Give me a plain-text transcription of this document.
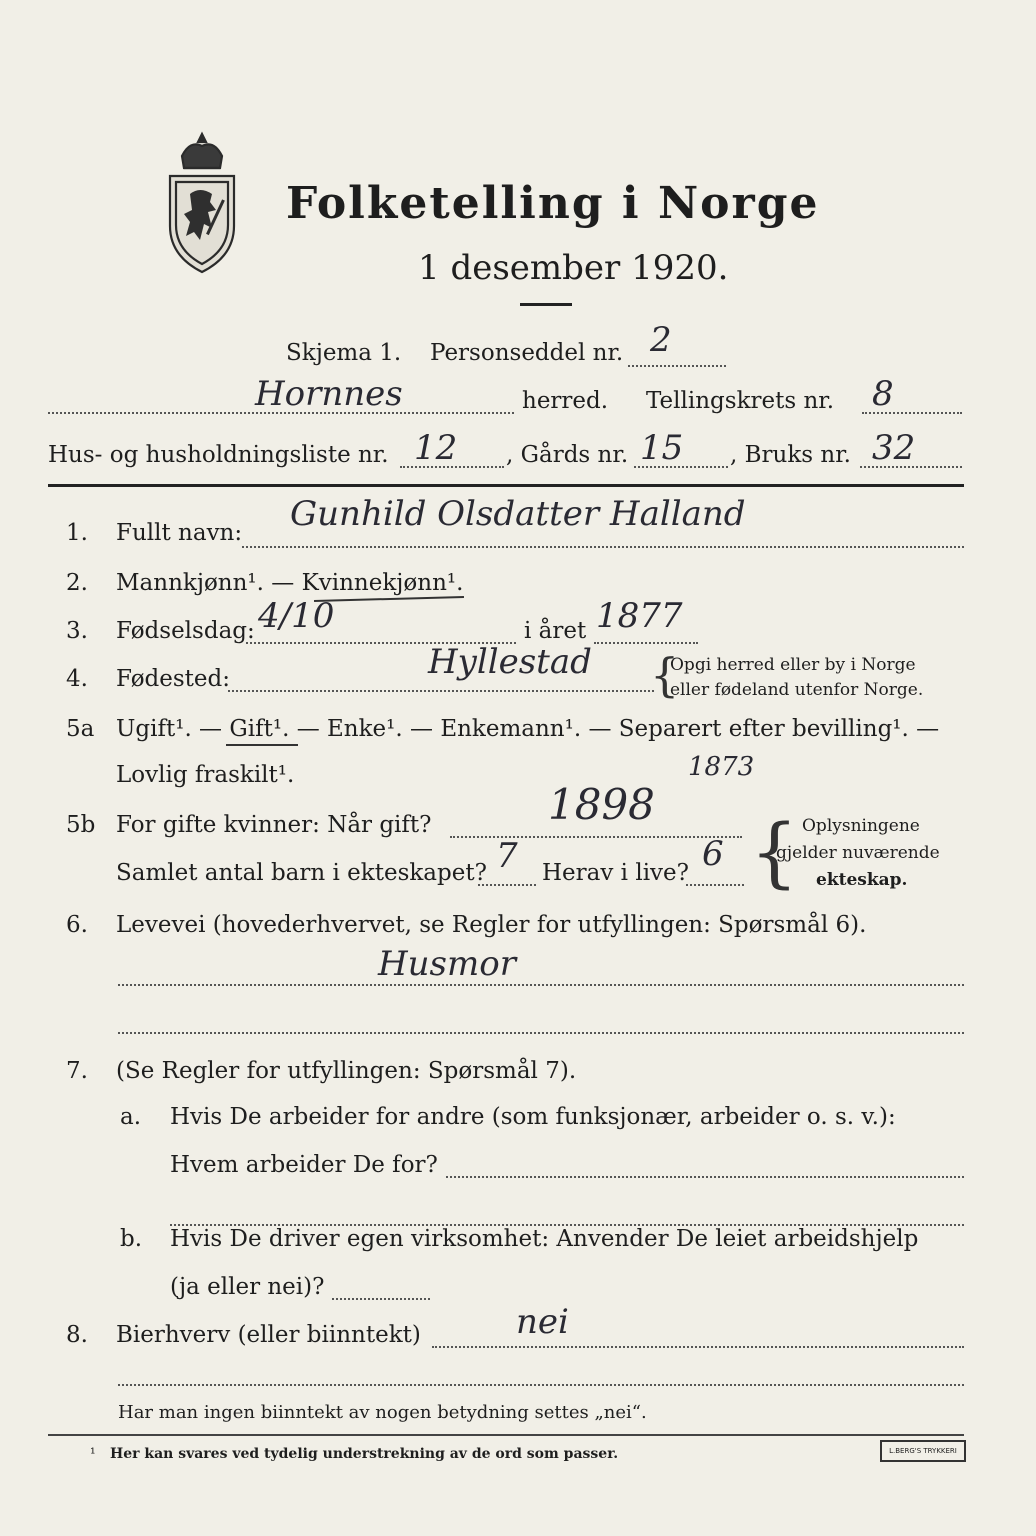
Folketelling i Norge
1 desember 1920.
Skjema 1. Personseddel nr. 2
Hornnes	herred. Tellingskrets nr. 8
Hus- og husholdningsliste nr. 12 , Gårds nr. 15 , Bruks nr. 32
1. Fullt navn: Gunhild Olsdatter Halland
2. Mannkjønn¹. — Kvinnekjønn¹.
3. Fødselsdag: 4/10	i året 1877
4. Fødested:	Hyllestad {
Opgi herred eller by i Norge
eller fødeland utenfor Norge.
5a Ugift¹. — Gift¹. — Enke¹. — Enkemann¹. — Separert efter bevilling¹. —
Lovlig fraskilt¹.	1873
5b For gifte kvinner: Når gift?	1898
Samlet antal barn i ekteskapet? 7 Herav i live? 6 { Oplysningene
gjelder nuværende
ekteskap.
6. Levevei (hovederhvervet, se Regler for utfyllingen: Spørsmål 6).
Husmor
7. (Se Regler for utfyllingen: Spørsmål 7).
a. Hvis De arbeider for andre (som funksjonær, arbeider o. s. v.):
Hvem arbeider De for?
b. Hvis De driver egen virksomhet: Anvender De leiet arbeidshjelp
(ja eller nei)?
8. Bierhverv (eller biinntekt)	nei
Har man ingen biinntekt av nogen betydning settes „nei“.
¹ Her kan svares ved tydelig understrekning av de ord som passer.	L.BERG'S TRYKKERI
